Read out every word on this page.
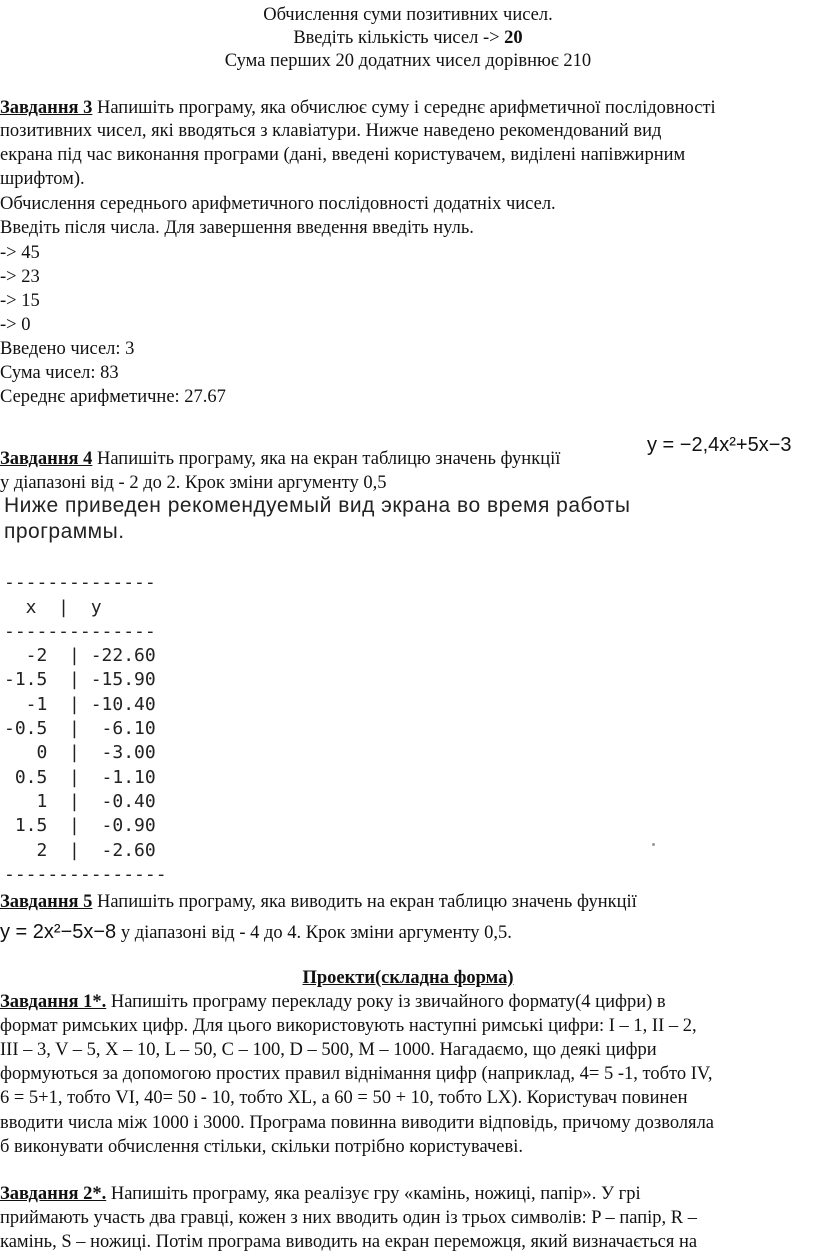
Обчислення суми позитивних чисел.
Введіть кількість чисел -> 20
Сума перших 20 додатних чисел дорівнює 210
Завдання 3 Напишіть програму, яка обчислює суму і середнє арифметичної послідовності
позитивних чисел, які вводяться з клавіатури. Нижче наведено рекомендований вид
екрана під час виконання програми (дані, введені користувачем, виділені напівжирним
шрифтом).
Обчислення середнього арифметичного послідовності додатніх чисел.
Введіть після числа. Для завершення введення введіть нуль.
-> 45
-> 23
-> 15
-> 0
Введено чисел: 3
Сума чисел: 83
Середнє арифметичне: 27.67
Завдання 4 Напишіть програму, яка на екран таблицю значень функції
y = −2,4x²+5x−3
у діапазоні від - 2 до 2. Крок зміни аргументу 0,5
Ниже приведен рекомендуемый вид экрана во время работы
программы.

--------------
x  |  y
--------------
-2  | -22.60
-1.5  | -15.90
-1  | -10.40
-0.5  |  -6.10
0  |  -3.00
0.5  |  -1.10
1  |  -0.40
1.5  |  -0.90
2  |  -2.60
---------------
Завдання 5 Напишіть програму, яка виводить на екран таблицю значень функції
y = 2x²−5x−8 у діапазоні від - 4 до 4. Крок зміни аргументу 0,5.
Проекти(складна форма)
Завдання 1*. Напишіть програму перекладу року із звичайного формату(4 цифри) в
формат римських цифр. Для цього використовують наступні римські цифри: I – 1, II – 2,
III – 3, V – 5, X – 10, L – 50, C – 100, D – 500, M – 1000. Нагадаємо, що деякі цифри
формуються за допомогою простих правил віднімання цифр (наприклад, 4= 5 -1, тобто IV,
6 = 5+1, тобто VI, 40= 50 - 10, тобто XL, а 60 = 50 + 10, тобто LX). Користувач повинен
вводити числа між 1000 і 3000. Програма повинна виводити відповідь, причому дозволяла
б виконувати обчислення стільки, скільки потрібно користувачеві.
Завдання 2*. Напишіть програму, яка реалізує гру «камінь, ножиці, папір». У грі
приймають участь два гравці, кожен з них вводить один із трьох символів: P – папір, R –
камінь, S – ножиці. Потім програма виводить на екран переможця, який визначається на
